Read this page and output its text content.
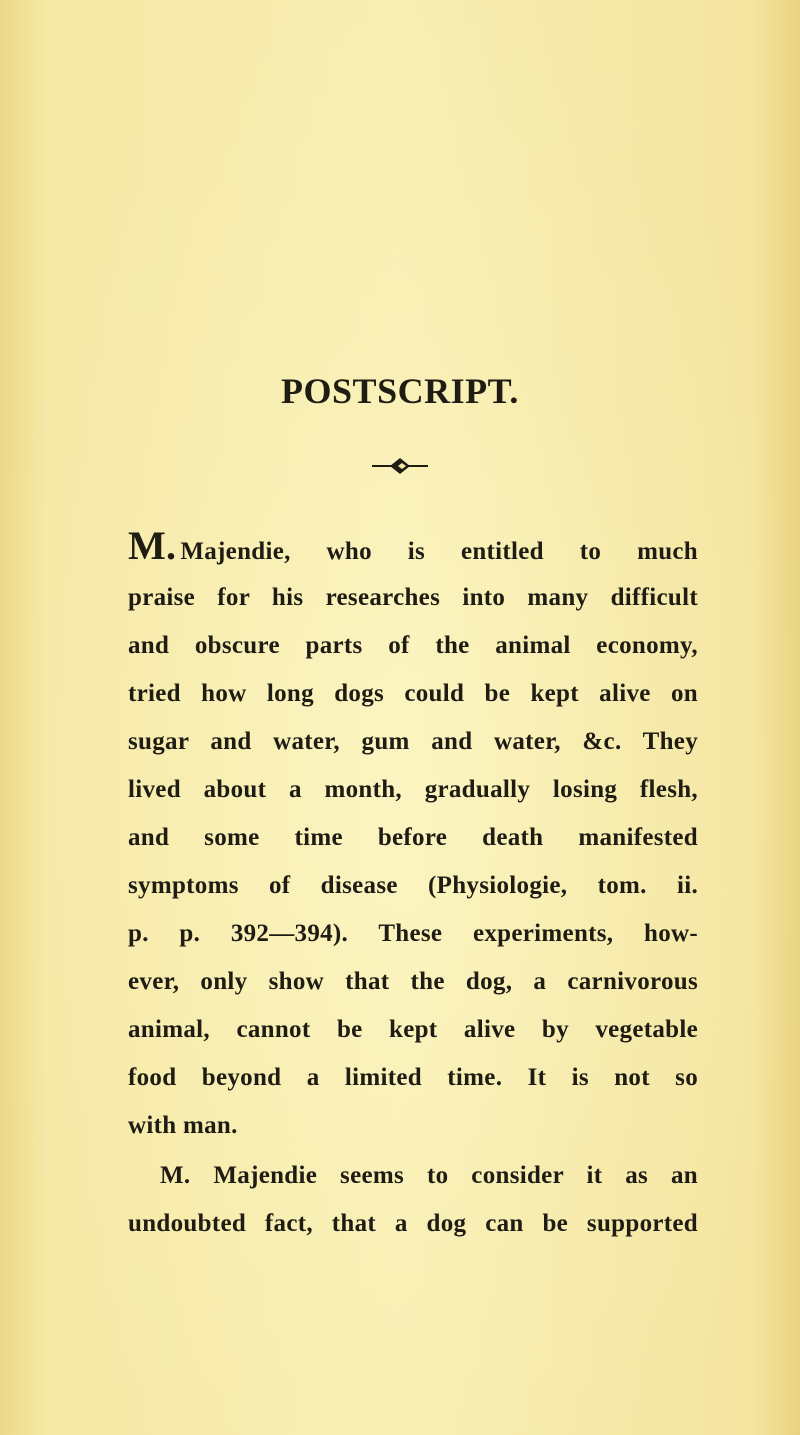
POSTSCRIPT.
M. Majendie, who is entitled to much
praise for his researches into many difficult
and obscure parts of the animal economy,
tried how long dogs could be kept alive on
sugar and water, gum and water, &c. They
lived about a month, gradually losing flesh,
and some time before death manifested
symptoms of disease (Physiologie, tom. ii.
p. p. 392—394). These experiments, how-
ever, only show that the dog, a carnivorous
animal, cannot be kept alive by vegetable
food beyond a limited time. It is not so
with man.
M. Majendie seems to consider it as an
undoubted fact, that a dog can be supported
